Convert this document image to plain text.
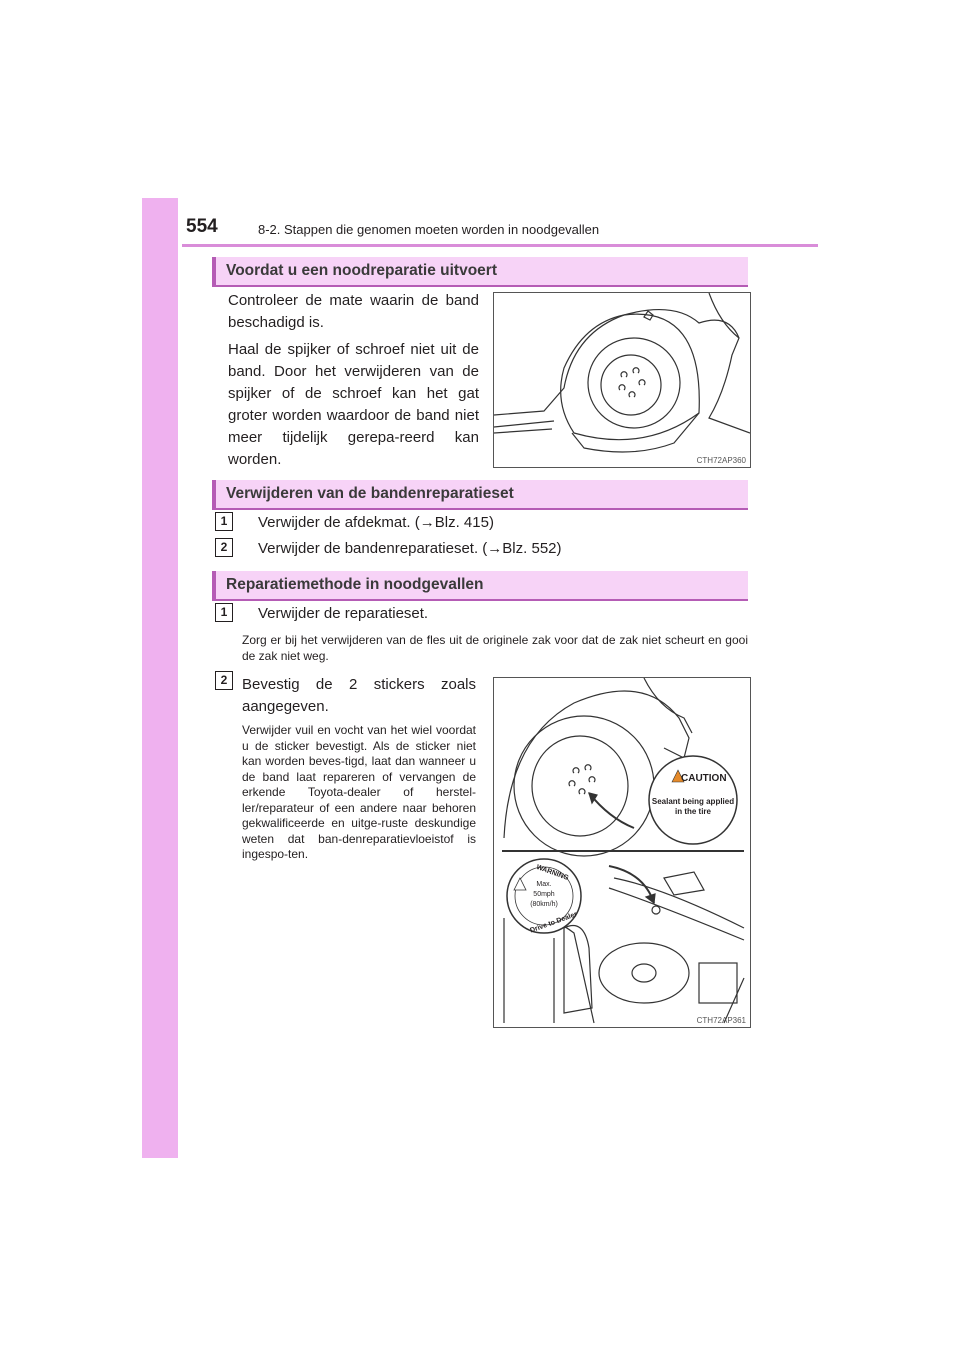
554	8-2. Stappen die genomen moeten worden in noodgevallen
Voordat u een noodreparatie uitvoert
Controleer de mate waarin de band beschadigd is.
Haal de spijker of schroef niet uit de band. Door het verwijderen van de spijker of de schroef kan het gat groter worden waardoor de band niet meer tijdelijk gerepa-reerd kan worden.	CTH72AP360
Verwijderen van de bandenreparatieset
1	Verwijder de afdekmat. (→Blz. 415)
2	Verwijder de bandenreparatieset. (→Blz. 552)
Reparatiemethode in noodgevallen
1	Verwijder de reparatieset.
Zorg er bij het verwijderen van de fles uit de originele zak voor dat de zak niet scheurt en gooi de zak niet weg.
2 Bevestig de 2 stickers zoals aangegeven.
Verwijder vuil en vocht van het wiel voordat u de sticker bevestigt. Als de sticker niet kan worden beves-tigd, laat dan wanneer u de band laat repareren of vervangen de erkende Toyota-dealer of herstel-ler/reparateur of een andere naar behoren gekwalificeerde en uitge-ruste deskundige weten dat ban-denreparatievloeistof is ingespo-ten.
CAUTION
Sealant being applied
in the tire
WARNING
Max.
50mph
(80km/h)
Drive to Dealer
CTH72AP361
